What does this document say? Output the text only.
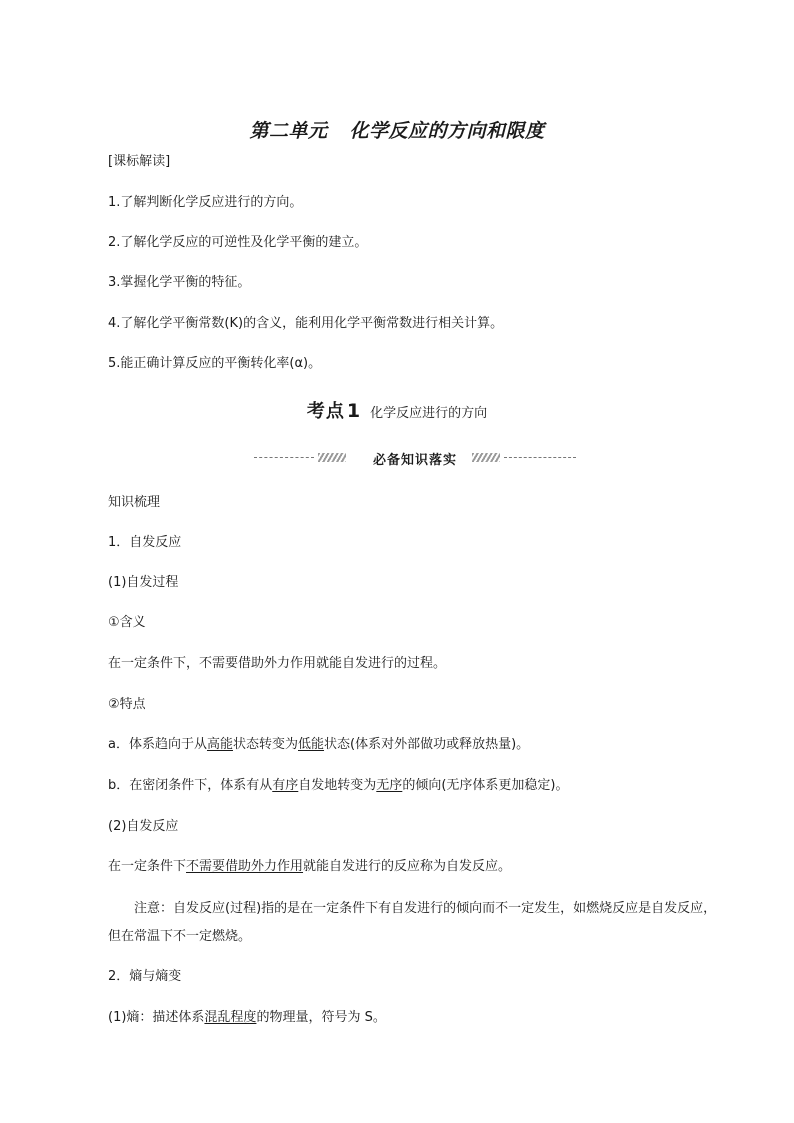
第二单元 化学反应的方向和限度
[课标解读]
1.了解判断化学反应进行的方向。
2.了解化学反应的可逆性及化学平衡的建立。
3.掌握化学平衡的特征。
4.了解化学平衡常数(K)的含义，能利用化学平衡常数进行相关计算。
5.能正确计算反应的平衡转化率(α)。
考点 1 化学反应进行的方向
必备知识落实
知识梳理
1．自发反应
(1)自发过程
①含义
在一定条件下，不需要借助外力作用就能自发进行的过程。
②特点
a．体系趋向于从高能状态转变为低能状态(体系对外部做功或释放热量)。
b．在密闭条件下，体系有从有序自发地转变为无序的倾向(无序体系更加稳定)。
(2)自发反应
在一定条件下不需要借助外力作用就能自发进行的反应称为自发反应。
注意：自发反应(过程)指的是在一定条件下有自发进行的倾向而不一定发生，如燃烧反应是自发反应，但在常温下不一定燃烧。
2．熵与熵变
(1)熵：描述体系混乱程度的物理量，符号为 S。
